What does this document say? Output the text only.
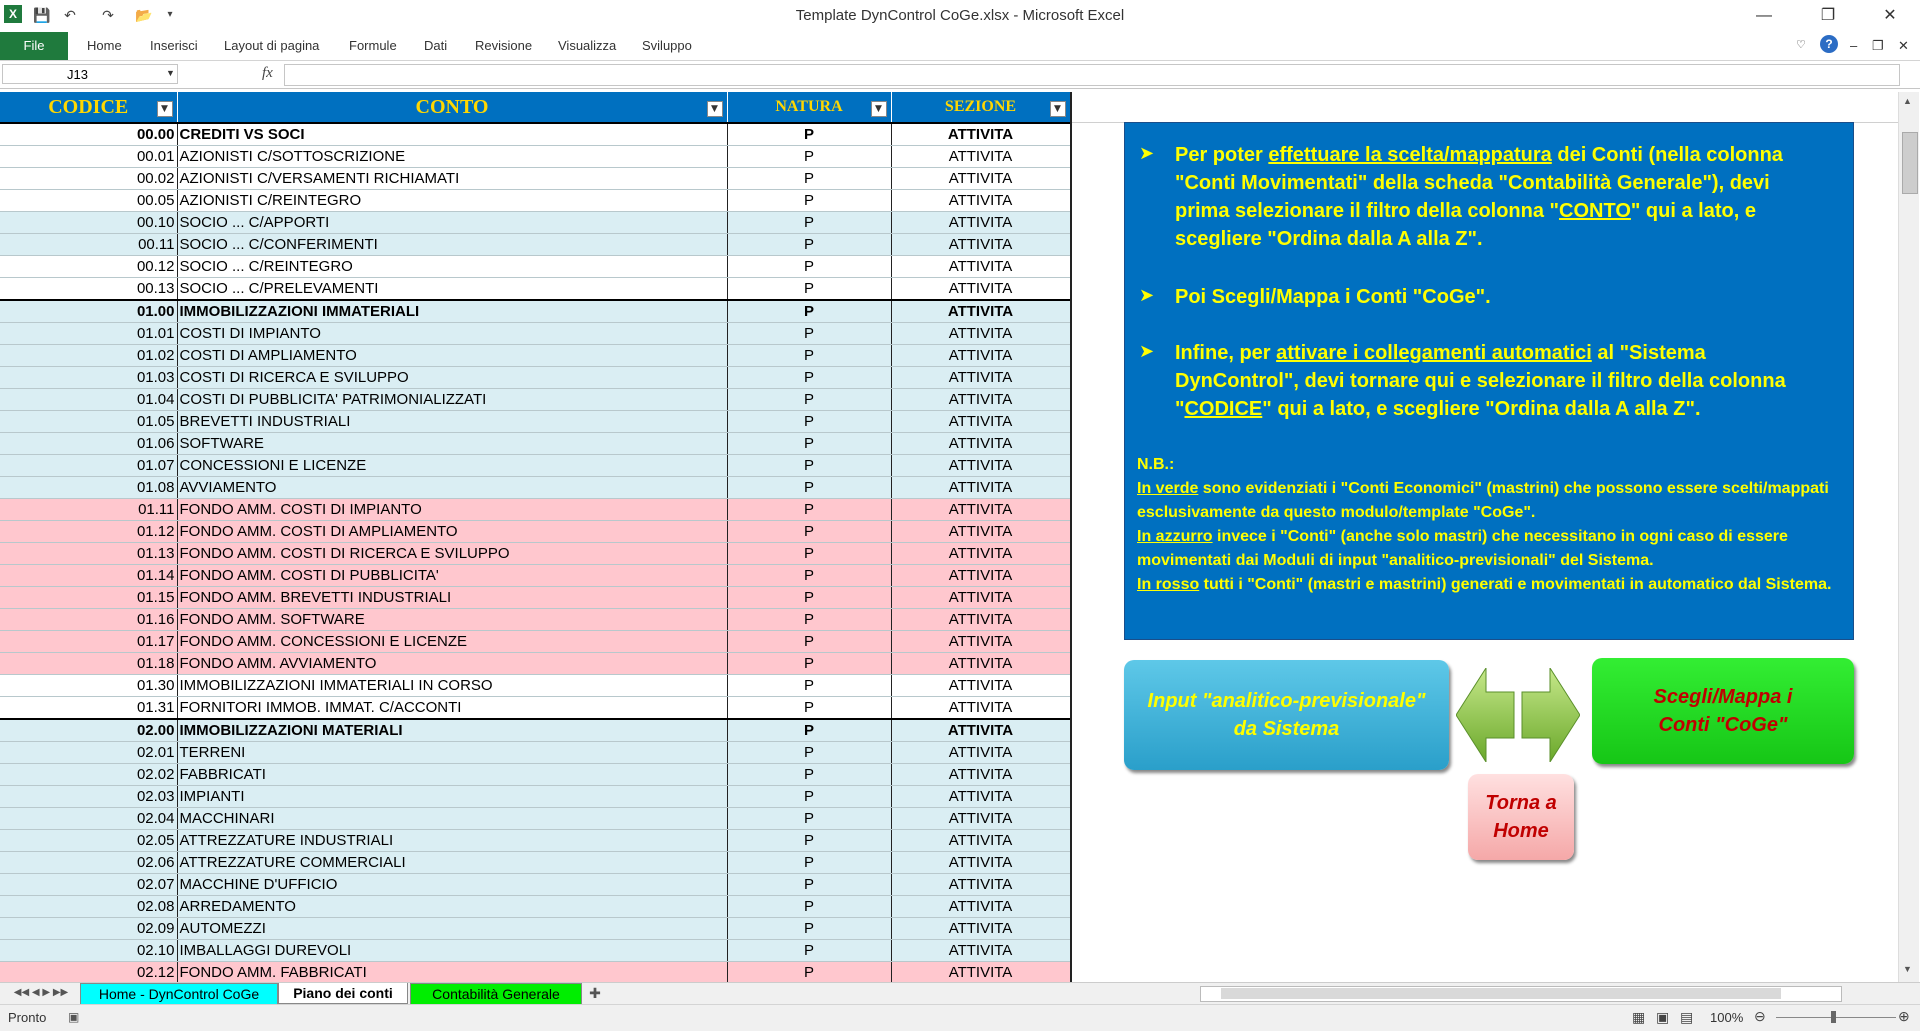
X	💾 ↶ ↷ 📂	▾	Template DynControl CoGe.xlsx - Microsoft Excel	—	❐	✕
File	Home Inserisci Layout di pagina Formule Dati Revisione Visualizza Sviluppo	♡	?	– ❐ ✕
J13	▼	fx
CODICE ▼	CONTO ▼	NATURA ▼	SEZIONE ▼

00.00	CREDITI VS SOCI	P	ATTIVITA
00.01	AZIONISTI C/SOTTOSCRIZIONE	P	ATTIVITA
00.02	AZIONISTI C/VERSAMENTI RICHIAMATI	P	ATTIVITA
00.05	AZIONISTI C/REINTEGRO	P	ATTIVITA
00.10	SOCIO ... C/APPORTI	P	ATTIVITA
00.11	SOCIO ... C/CONFERIMENTI	P	ATTIVITA
00.12	SOCIO ... C/REINTEGRO	P	ATTIVITA
00.13	SOCIO ... C/PRELEVAMENTI	P	ATTIVITA
01.00	IMMOBILIZZAZIONI IMMATERIALI	P	ATTIVITA
01.01	COSTI DI IMPIANTO	P	ATTIVITA
01.02	COSTI DI AMPLIAMENTO	P	ATTIVITA
01.03	COSTI DI RICERCA E SVILUPPO	P	ATTIVITA
01.04	COSTI DI PUBBLICITA' PATRIMONIALIZZATI	P	ATTIVITA
01.05	BREVETTI INDUSTRIALI	P	ATTIVITA
01.06	SOFTWARE	P	ATTIVITA
01.07	CONCESSIONI E LICENZE	P	ATTIVITA
01.08	AVVIAMENTO	P	ATTIVITA
01.11	FONDO AMM. COSTI DI IMPIANTO	P	ATTIVITA
01.12	FONDO AMM. COSTI DI AMPLIAMENTO	P	ATTIVITA
01.13	FONDO AMM. COSTI DI RICERCA E SVILUPPO	P	ATTIVITA
01.14	FONDO AMM. COSTI DI PUBBLICITA'	P	ATTIVITA
01.15	FONDO AMM. BREVETTI INDUSTRIALI	P	ATTIVITA
01.16	FONDO AMM. SOFTWARE	P	ATTIVITA
01.17	FONDO AMM. CONCESSIONI E LICENZE	P	ATTIVITA
01.18	FONDO AMM. AVVIAMENTO	P	ATTIVITA
01.30	IMMOBILIZZAZIONI IMMATERIALI IN CORSO	P	ATTIVITA
01.31	FORNITORI IMMOB. IMMAT. C/ACCONTI	P	ATTIVITA
02.00	IMMOBILIZZAZIONI MATERIALI	P	ATTIVITA
02.01	TERRENI	P	ATTIVITA
02.02	FABBRICATI	P	ATTIVITA
02.03	IMPIANTI	P	ATTIVITA
02.04	MACCHINARI	P	ATTIVITA
02.05	ATTREZZATURE INDUSTRIALI	P	ATTIVITA
02.06	ATTREZZATURE COMMERCIALI	P	ATTIVITA
02.07	MACCHINE D'UFFICIO	P	ATTIVITA
02.08	ARREDAMENTO	P	ATTIVITA
02.09	AUTOMEZZI	P	ATTIVITA
02.10	IMBALLAGGI DUREVOLI	P	ATTIVITA
02.12	FONDO AMM. FABBRICATI	P	ATTIVITA
➤ Per poter effettuare la scelta/mappatura dei Conti (nella colonna "Conti Movimentati" della scheda "Contabilità Generale"), devi prima selezionare il filtro della colonna "CONTO" qui a lato, e scegliere "Ordina dalla A alla Z".
➤ Poi Scegli/Mappa i Conti "CoGe".
➤ Infine, per attivare i collegamenti automatici al "Sistema DynControl", devi tornare qui e selezionare il filtro della colonna "CODICE" qui a lato, e scegliere "Ordina dalla A alla Z".
N.B.:
In verde sono evidenziati i "Conti Economici" (mastrini) che possono essere scelti/mappati esclusivamente da questo modulo/template "CoGe".
In azzurro invece i "Conti" (anche solo mastri) che necessitano in ogni caso di essere movimentati dai Moduli di input "analitico-previsionali" del Sistema.
In rosso tutti i "Conti" (mastri e mastrini) generati e movimentati in automatico dal Sistema.
Input "analitico-previsionale" da Sistema
Scegli/Mappa i Conti "CoGe"
Torna a Home
▲
▼
◀◀ ◀ ▶ ▶▶	Home - DynControl CoGe	Piano dei conti	Contabilità Generale	✚
Pronto ▣	▦ ▣ ▤ 100% ⊖	⊕
